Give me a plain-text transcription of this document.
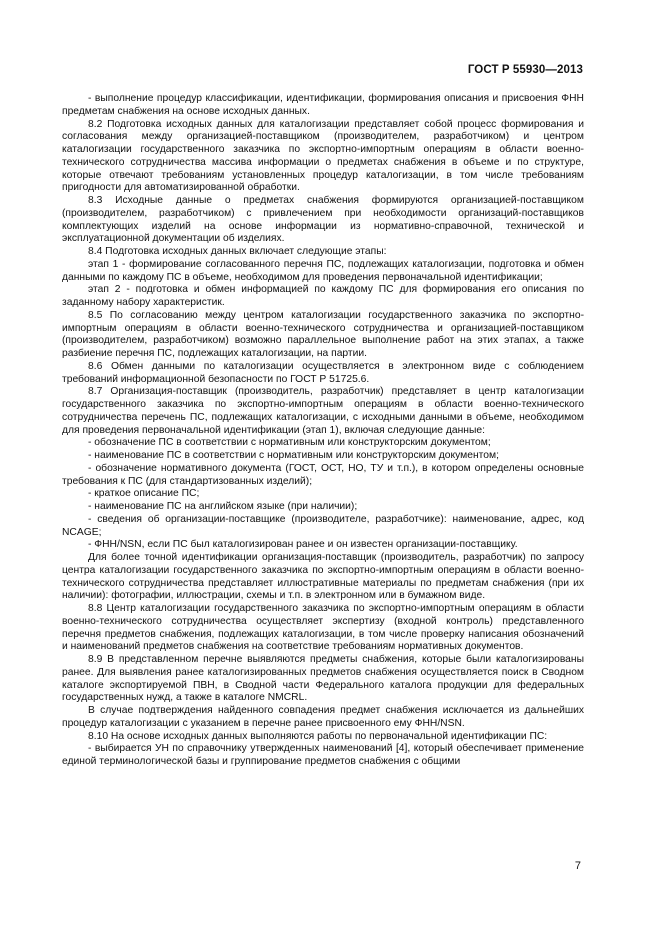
ГОСТ Р 55930—2013

- выполнение процедур классификации, идентификации, формирования описания и присвоения ФНН предметам снабжения на основе исходных данных.

8.2 Подготовка исходных данных для каталогизации представляет собой процесс формирования и согласования между организацией-поставщиком (производителем, разработчиком) и центром каталогизации государственного заказчика по экспортно-импортным операциям в области военно-технического сотрудничества массива информации о предметах снабжения в объеме и по структуре, которые отвечают требованиям установленных процедур каталогизации, в том числе требованиям пригодности для автоматизированной обработки.

8.3 Исходные данные о предметах снабжения формируются организацией-поставщиком (производителем, разработчиком) с привлечением при необходимости организаций-поставщиков комплектующих изделий на основе информации из нормативно-справочной, технической и эксплуатационной документации об изделиях.

8.4 Подготовка исходных данных включает следующие этапы:

этап 1 - формирование согласованного перечня ПС, подлежащих каталогизации, подготовка и обмен данными по каждому ПС в объеме, необходимом для проведения первоначальной идентификации;

этап 2 - подготовка и обмен информацией по каждому ПС для формирования его описания по заданному набору характеристик.

8.5 По согласованию между центром каталогизации государственного заказчика по экспортно-импортным операциям в области военно-технического сотрудничества и организацией-поставщиком (производителем, разработчиком) возможно параллельное выполнение работ на этих этапах, а также разбиение перечня ПС, подлежащих каталогизации, на партии.

8.6 Обмен данными по каталогизации осуществляется в электронном виде с соблюдением требований информационной безопасности по ГОСТ Р 51725.6.

8.7 Организация-поставщик (производитель, разработчик) представляет в центр каталогизации государственного заказчика по экспортно-импортным операциям в области военно-технического сотрудничества перечень ПС, подлежащих каталогизации, с исходными данными в объеме, необходимом для проведения первоначальной идентификации (этап 1), включая следующие данные:

- обозначение ПС в соответствии с нормативным или конструкторским документом;

- наименование ПС в соответствии с нормативным или конструкторским документом;

- обозначение нормативного документа (ГОСТ, ОСТ, НО, ТУ и т.п.), в котором определены основные требования к ПС (для стандартизованных изделий);

- краткое описание ПС;

- наименование ПС на английском языке (при наличии);

- сведения об организации-поставщике (производителе, разработчике): наименование, адрес, код NCAGE;

- ФНН/NSN, если ПС был каталогизирован ранее и он известен организации-поставщику.

Для более точной идентификации организация-поставщик (производитель, разработчик) по запросу центра каталогизации государственного заказчика по экспортно-импортным операциям в области военно-технического сотрудничества представляет иллюстративные материалы по предметам снабжения (при их наличии): фотографии, иллюстрации, схемы и т.п. в электронном или в бумажном виде.

8.8 Центр каталогизации государственного заказчика по экспортно-импортным операциям в области военно-технического сотрудничества осуществляет экспертизу (входной контроль) представленного перечня предметов снабжения, подлежащих каталогизации, в том числе проверку написания обозначений и наименований предметов снабжения на соответствие требованиям нормативных документов.

8.9 В представленном перечне выявляются предметы снабжения, которые были каталогизированы ранее. Для выявления ранее каталогизированных предметов снабжения осуществляется поиск в Сводном каталоге экспортируемой ПВН, в Сводной части Федерального каталога продукции для федеральных государственных нужд, а также в каталоге NMCRL.

В случае подтверждения найденного совпадения предмет снабжения исключается из дальнейших процедур каталогизации с указанием в перечне ранее присвоенного ему ФНН/NSN.

8.10 На основе исходных данных выполняются работы по первоначальной идентификации ПС:

- выбирается УН по справочнику утвержденных наименований [4], который обеспечивает применение единой терминологической базы и группирование предметов снабжения с общими

7
